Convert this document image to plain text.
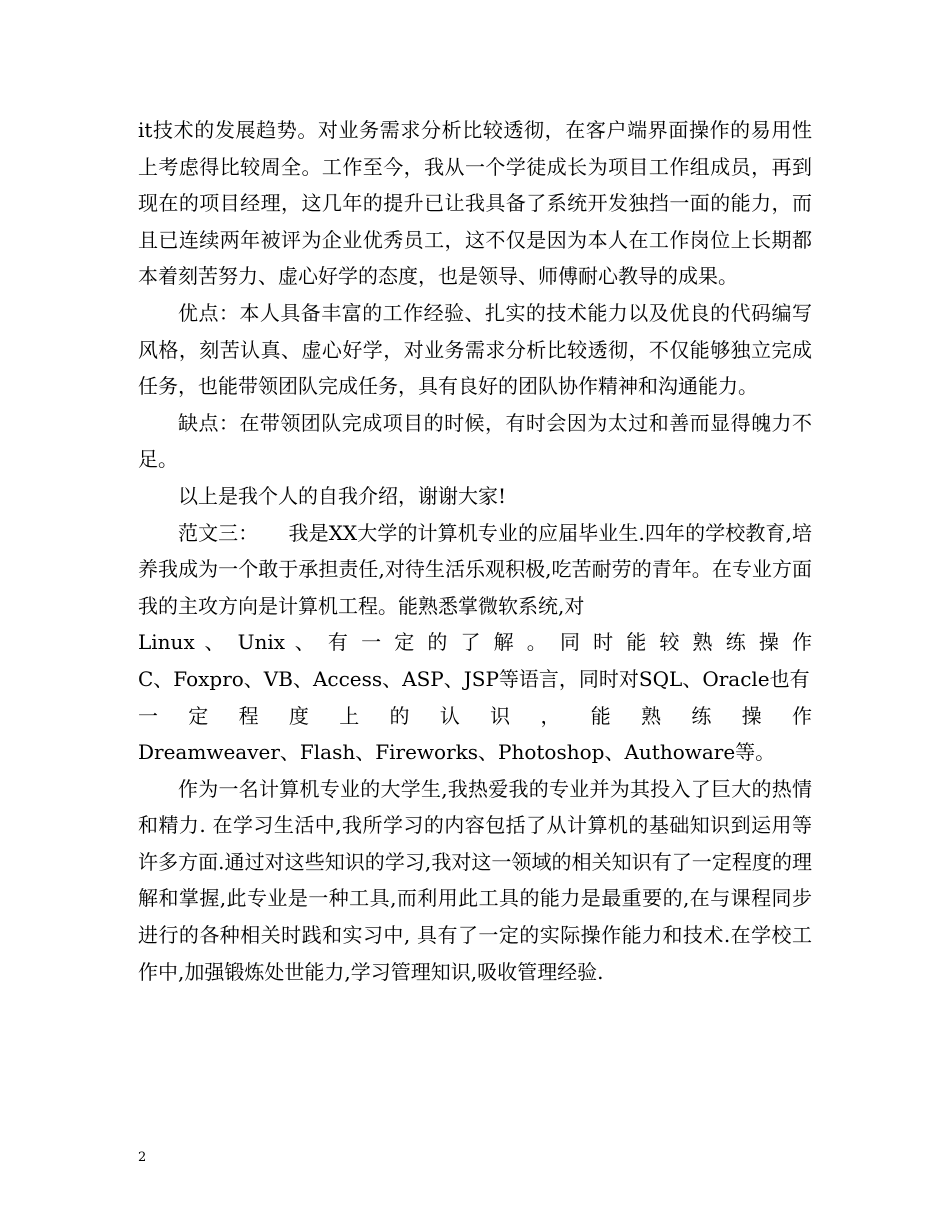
it技术的发展趋势。对业务需求分析比较透彻，在客户端界面操作的易用性上考虑得比较周全。工作至今，我从一个学徒成长为项目工作组成员，再到现在的项目经理，这几年的提升已让我具备了系统开发独挡一面的能力，而且已连续两年被评为企业优秀员工，这不仅是因为本人在工作岗位上长期都本着刻苦努力、虚心好学的态度，也是领导、师傅耐心教导的成果。

优点：本人具备丰富的工作经验、扎实的技术能力以及优良的代码编写风格，刻苦认真、虚心好学，对业务需求分析比较透彻，不仅能够独立完成任务，也能带领团队完成任务，具有良好的团队协作精神和沟通能力。

缺点：在带领团队完成项目的时候，有时会因为太过和善而显得魄力不足。

以上是我个人的自我介绍，谢谢大家!

范文三：　　我是XX大学的计算机专业的应届毕业生.四年的学校教育,培养我成为一个敢于承担责任,对待生活乐观积极,吃苦耐劳的青年。在专业方面我的主攻方向是计算机工程。能熟悉掌微软系统,对

Linux 、 Unix 、 有 一 定 的 了 解 。 同 时 能 较 熟 练 操 作

C、Foxpro、VB、Access、ASP、JSP等语言，同时对SQL、Oracle也有

一 定 程 度 上 的 认 识 ， 能 熟 练 操 作

Dreamweaver、Flash、Fireworks、Photoshop、Authoware等。

作为一名计算机专业的大学生,我热爱我的专业并为其投入了巨大的热情和精力. 在学习生活中,我所学习的内容包括了从计算机的基础知识到运用等许多方面.通过对这些知识的学习,我对这一领域的相关知识有了一定程度的理解和掌握,此专业是一种工具,而利用此工具的能力是最重要的,在与课程同步进行的各种相关时践和实习中, 具有了一定的实际操作能力和技术.在学校工作中,加强锻炼处世能力,学习管理知识,吸收管理经验.

2
